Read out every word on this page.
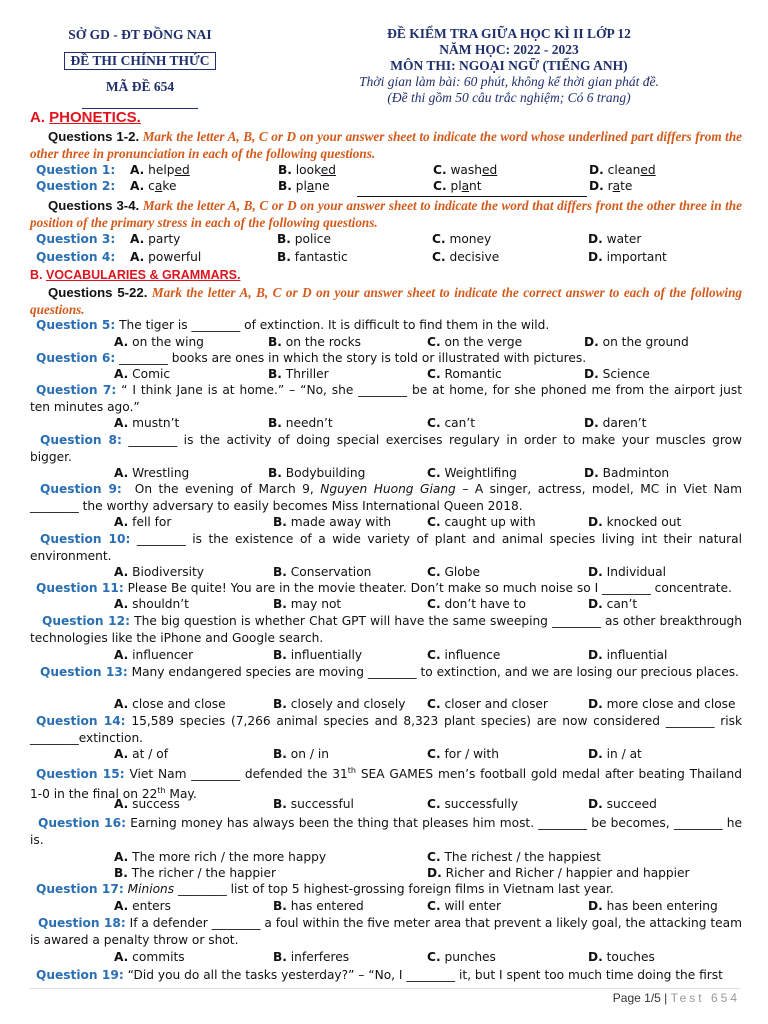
SỞ GD - ĐT ĐỒNG NAI
ĐỀ THI CHÍNH THỨC
MÃ ĐỀ 654
ĐỀ KIỂM TRA GIỮA HỌC KÌ II LỚP 12
NĂM HỌC: 2022 - 2023
MÔN THI: NGOẠI NGỮ (TIẾNG ANH)
Thời gian làm bài: 60 phút, không kể thời gian phát đề.
(Đề thi gồm 50 câu trắc nghiệm; Có 6 trang)
A. PHONETICS.
Questions 1-2. Mark the letter A, B, C or D on your answer sheet to indicate the word whose underlined part differs from the other three in pronunciation in each of the following questions.
Question 1: A. helped	B. looked	C. washed	D. cleaned
Question 2: A. cake	B. plane	C. plant	D. rate
Questions 3-4. Mark the letter A, B, C or D on your answer sheet to indicate the word that differs front the other three in the position of the primary stress in each of the following questions.
Question 3: A. party	B. police	C. money	D. water
Question 4: A. powerful	B. fantastic	C. decisive	D. important
B. VOCABULARIES & GRAMMARS.
Questions 5-22. Mark the letter A, B, C or D on your answer sheet to indicate the correct answer to each of the following questions.
Question 5: The tiger is ________ of extinction. It is difficult to find them in the wild.
A. on the wing	B. on the rocks	C. on the verge	D. on the ground
Question 6: ________ books are ones in which the story is told or illustrated with pictures.
A. Comic	B. Thriller	C. Romantic	D. Science
Question 7: “ I think Jane is at home.” – “No, she ________ be at home, for she phoned me from the airport just ten minutes ago.”
A. mustn’t	B. needn’t	C. can’t	D. daren’t
Question 8: ________ is the activity of doing special exercises regulary in order to make your muscles grow bigger.
A. Wrestling	B. Bodybuilding	C. Weightlifing	D. Badminton
Question 9: On the evening of March 9, Nguyen Huong Giang – A singer, actress, model, MC in Viet Nam ________ the worthy adversary to easily becomes Miss International Queen 2018.
A. fell for	B. made away with	C. caught up with	D. knocked out
Question 10: ________ is the existence of a wide variety of plant and animal species living int their natural environment.
A. Biodiversity	B. Conservation	C. Globe	D. Individual
Question 11: Please Be quite! You are in the movie theater. Don’t make so much noise so I ________ concentrate.
A. shouldn’t	B. may not	C. don’t have to	D. can’t
Question 12: The big question is whether Chat GPT will have the same sweeping ________ as other breakthrough technologies like the iPhone and Google search.
A. influencer	B. influentially	C. influence	D. influential
Question 13: Many endangered species are moving ________ to extinction, and we are losing our precious places.
A. close and close	B. closely and closely C. closer and closer	D. more close and close
Question 14: 15,589 species (7,266 animal species and 8,323 plant species) are now considered ________ risk ________extinction.
A. at / of	B. on / in	C. for / with	D. in / at
Question 15: Viet Nam ________ defended the 31th SEA GAMES men’s football gold medal after beating Thailand 1-0 in the final on 22th May.
A. success	B. successful	C. successfully	D. succeed
Question 16: Earning money has always been the thing that pleases him most. ________ be becomes, ________ he is.
A. The more rich / the more happy	C. The richest / the happiest
B. The richer / the happier	D. Richer and Richer / happier and happier
Question 17: Minions ________ list of top 5 highest-grossing foreign films in Vietnam last year.
A. enters	B. has entered	C. will enter	D. has been entering
Question 18: If a defender ________ a foul within the five meter area that prevent a likely goal, the attacking team is awared a penalty throw or shot.
A. commits	B. inferferes	C. punches	D. touches
Question 19: “Did you do all the tasks yesterday?” – “No, I ________ it, but I spent too much time doing the first
Page 1/5 | Test 654
